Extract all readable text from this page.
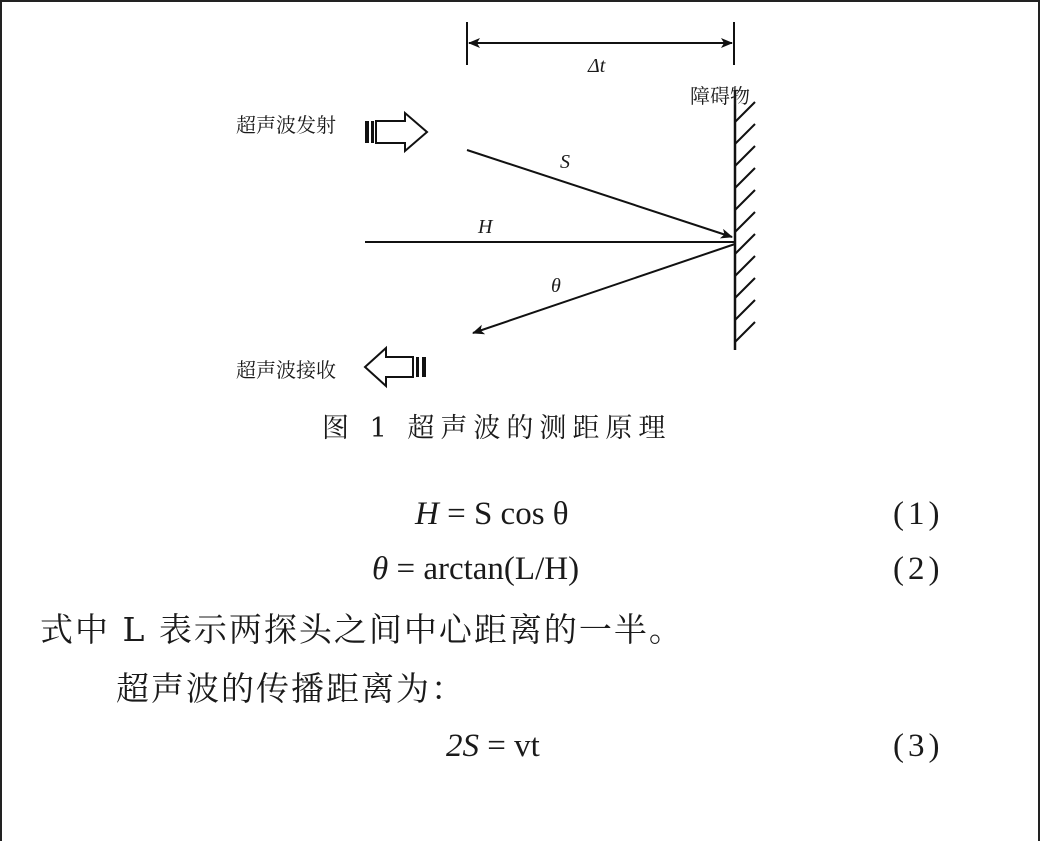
Δt
障碍物
超声波发射
超声波接收
S
H
θ
图 1 超声波的测距原理
H = S cos θ	(1)
θ = arctan(L/H)	(2)
式中 L 表示两探头之间中心距离的一半。
超声波的传播距离为：
2S = vt	(3)
